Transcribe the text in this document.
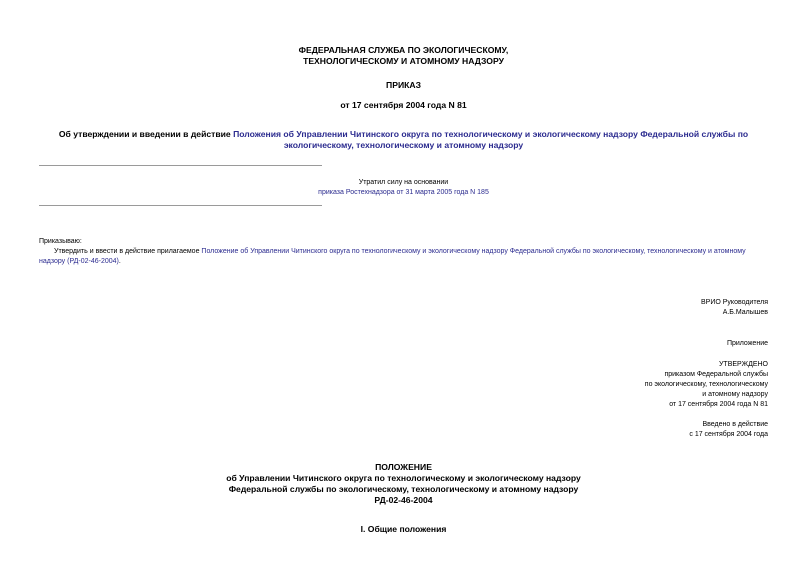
ФЕДЕРАЛЬНАЯ СЛУЖБА ПО ЭКОЛОГИЧЕСКОМУ,
ТЕХНОЛОГИЧЕСКОМУ И АТОМНОМУ НАДЗОРУ
ПРИКАЗ
от 17 сентября 2004 года N 81
Об утверждении и введении в действие Положения об Управлении Читинского округа по технологическому и экологическому надзору Федеральной службы по
экологическому, технологическому и атомному надзору
Утратил силу на основании
приказа Ростехнадзора от 31 марта 2005 года N 185
Приказываю:
Утвердить и ввести в действие прилагаемое Положение об Управлении Читинского округа по технологическому и экологическому надзору Федеральной службы по экологическому, технологическому и атомному
надзору (РД-02-46-2004).
ВРИО Руководителя
А.Б.Малышев
Приложение
УТВЕРЖДЕНО
приказом Федеральной службы
по экологическому, технологическому
и атомному надзору
от 17 сентября 2004 года N 81
Введено в действие
с 17 сентября 2004 года
ПОЛОЖЕНИЕ
об Управлении Читинского округа по технологическому и экологическому надзору
Федеральной службы по экологическому, технологическому и атомному надзору
РД-02-46-2004
I. Общие положения
